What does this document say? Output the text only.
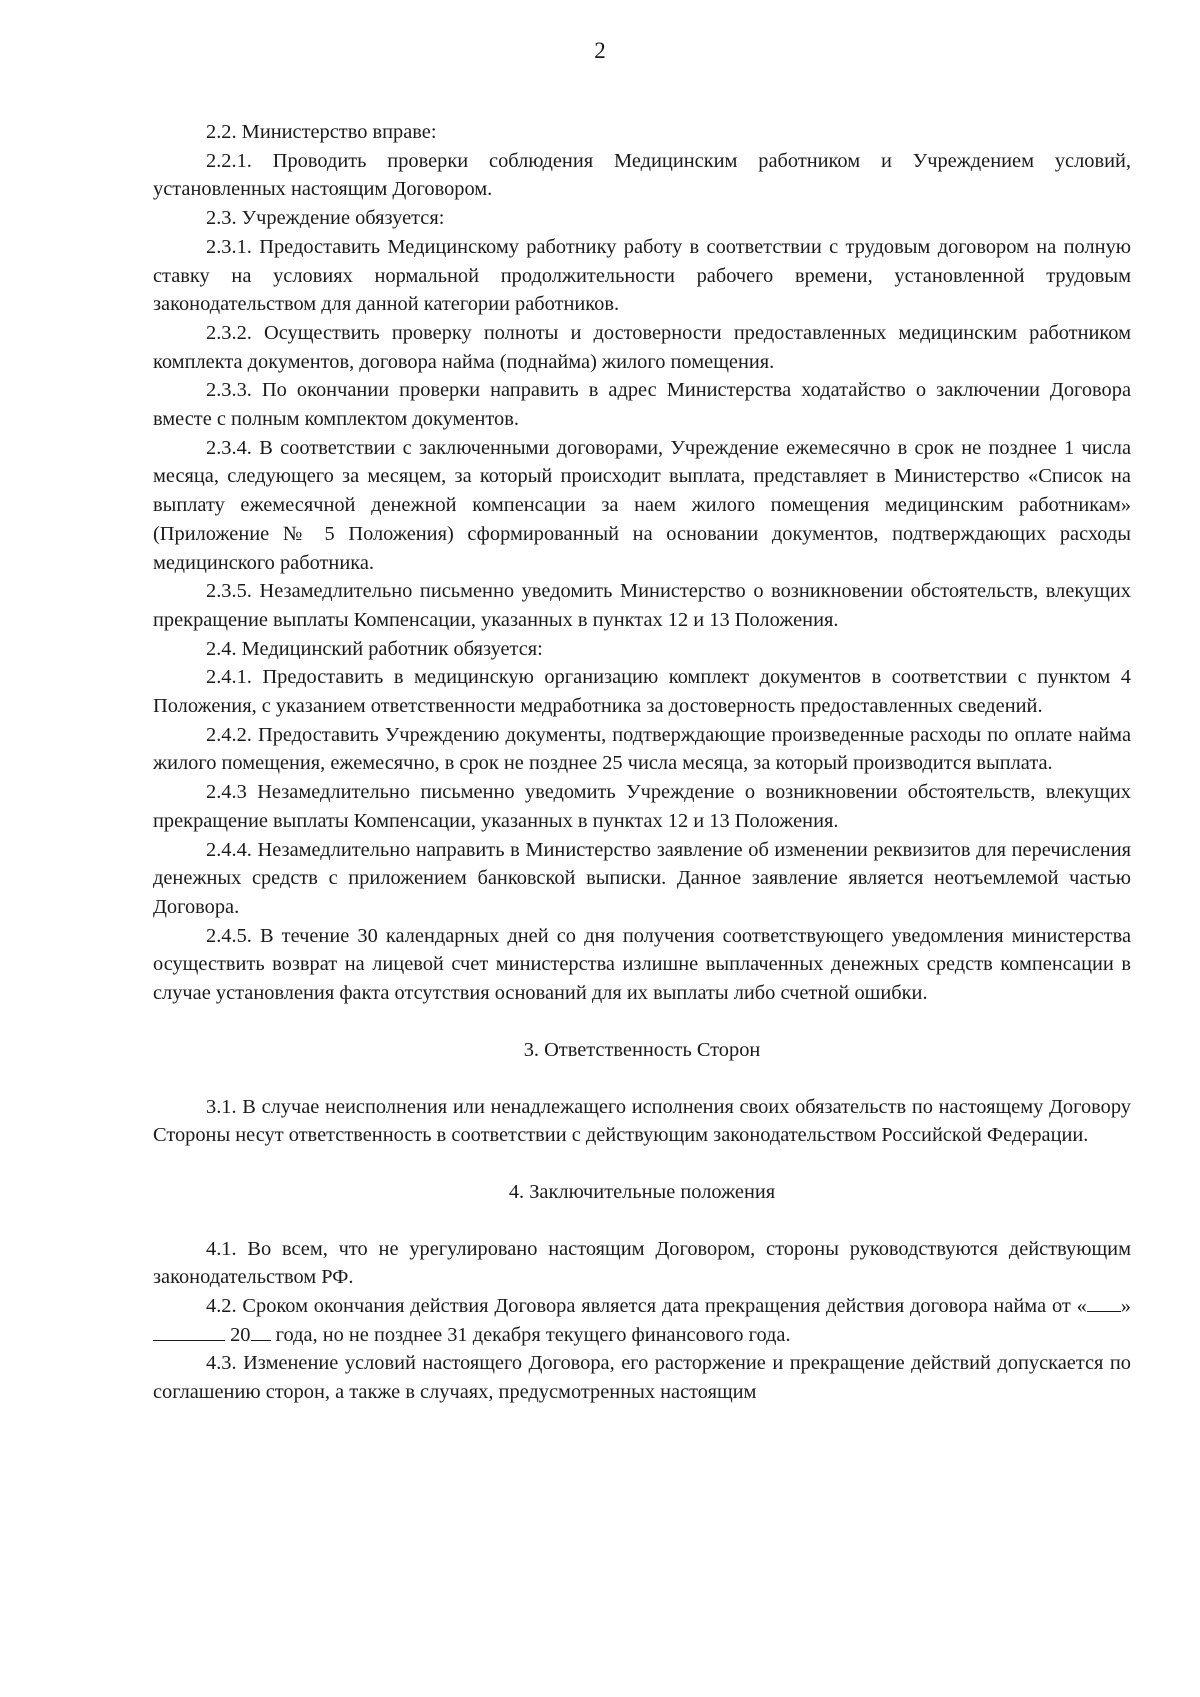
2

2.2. Министерство вправе:

2.2.1. Проводить проверки соблюдения Медицинским работником и Учреждением условий, установленных настоящим Договором.

2.3. Учреждение обязуется:

2.3.1. Предоставить Медицинскому работнику работу в соответствии с трудовым договором на полную ставку на условиях нормальной продолжительности рабочего времени, установленной трудовым законодательством для данной категории работников.

2.3.2. Осуществить проверку полноты и достоверности предоставленных медицинским работником комплекта документов, договора найма (поднайма) жилого помещения.

2.3.3. По окончании проверки направить в адрес Министерства ходатайство о заключении Договора вместе с полным комплектом документов.

2.3.4. В соответствии с заключенными договорами, Учреждение ежемесячно в срок не позднее 1 числа месяца, следующего за месяцем, за который происходит выплата, представляет в Министерство «Список на выплату ежемесячной денежной компенсации за наем жилого помещения медицинским работникам» (Приложение № 5 Положения) сформированный на основании документов, подтверждающих расходы медицинского работника.

2.3.5. Незамедлительно письменно уведомить Министерство о возникновении обстоятельств, влекущих прекращение выплаты Компенсации, указанных в пунктах 12 и 13 Положения.

2.4. Медицинский работник обязуется:

2.4.1. Предоставить в медицинскую организацию комплект документов в соответствии с пунктом 4 Положения, с указанием ответственности медработника за достоверность предоставленных сведений.

2.4.2. Предоставить Учреждению документы, подтверждающие произведенные расходы по оплате найма жилого помещения, ежемесячно, в срок не позднее 25 числа месяца, за который производится выплата.

2.4.3 Незамедлительно письменно уведомить Учреждение о возникновении обстоятельств, влекущих прекращение выплаты Компенсации, указанных в пунктах 12 и 13 Положения.

2.4.4. Незамедлительно направить в Министерство заявление об изменении реквизитов для перечисления денежных средств с приложением банковской выписки. Данное заявление является неотъемлемой частью Договора.

2.4.5. В течение 30 календарных дней со дня получения соответствующего уведомления министерства осуществить возврат на лицевой счет министерства излишне выплаченных денежных средств компенсации в случае установления факта отсутствия оснований для их выплаты либо счетной ошибки.

3. Ответственность Сторон

3.1. В случае неисполнения или ненадлежащего исполнения своих обязательств по настоящему Договору Стороны несут ответственность в соответствии с действующим законодательством Российской Федерации.

4. Заключительные положения

4.1. Во всем, что не урегулировано настоящим Договором, стороны руководствуются действующим законодательством РФ.

4.2. Сроком окончания действия Договора является дата прекращения действия договора найма от « »  20 года, но не позднее 31 декабря текущего финансового года.

4.3. Изменение условий настоящего Договора, его расторжение и прекращение действий допускается по соглашению сторон, а также в случаях, предусмотренных настоящим
